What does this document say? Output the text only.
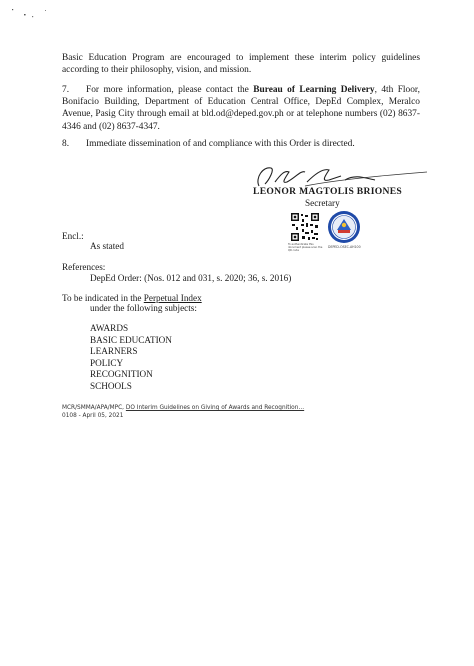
Basic Education Program are encouraged to implement these interim policy guidelines according to their philosophy, vision, and mission.
7. For more information, please contact the Bureau of Learning Delivery, 4th Floor, Bonifacio Building, Department of Education Central Office, DepEd Complex, Meralco Avenue, Pasig City through email at bld.od@deped.gov.ph or at telephone numbers (02) 8637-4346 and (02) 8637-4347.
8. Immediate dissemination of and compliance with this Order is directed.
LEONOR MAGTOLIS BRIONES
Secretary
To authenticate this document please scan the QR code
DEPED-OSEC-AH100
Encl.:
As stated
References:
DepEd Order: (Nos. 012 and 031, s. 2020; 36, s. 2016)
To be indicated in the Perpetual Index
under the following subjects:
AWARDS
BASIC EDUCATION
LEARNERS
POLICY
RECOGNITION
SCHOOLS
MCR/SMMA/APA/MPC, DO Interim Guidelines on Giving of Awards and Recognition…
0108 - April 05, 2021
